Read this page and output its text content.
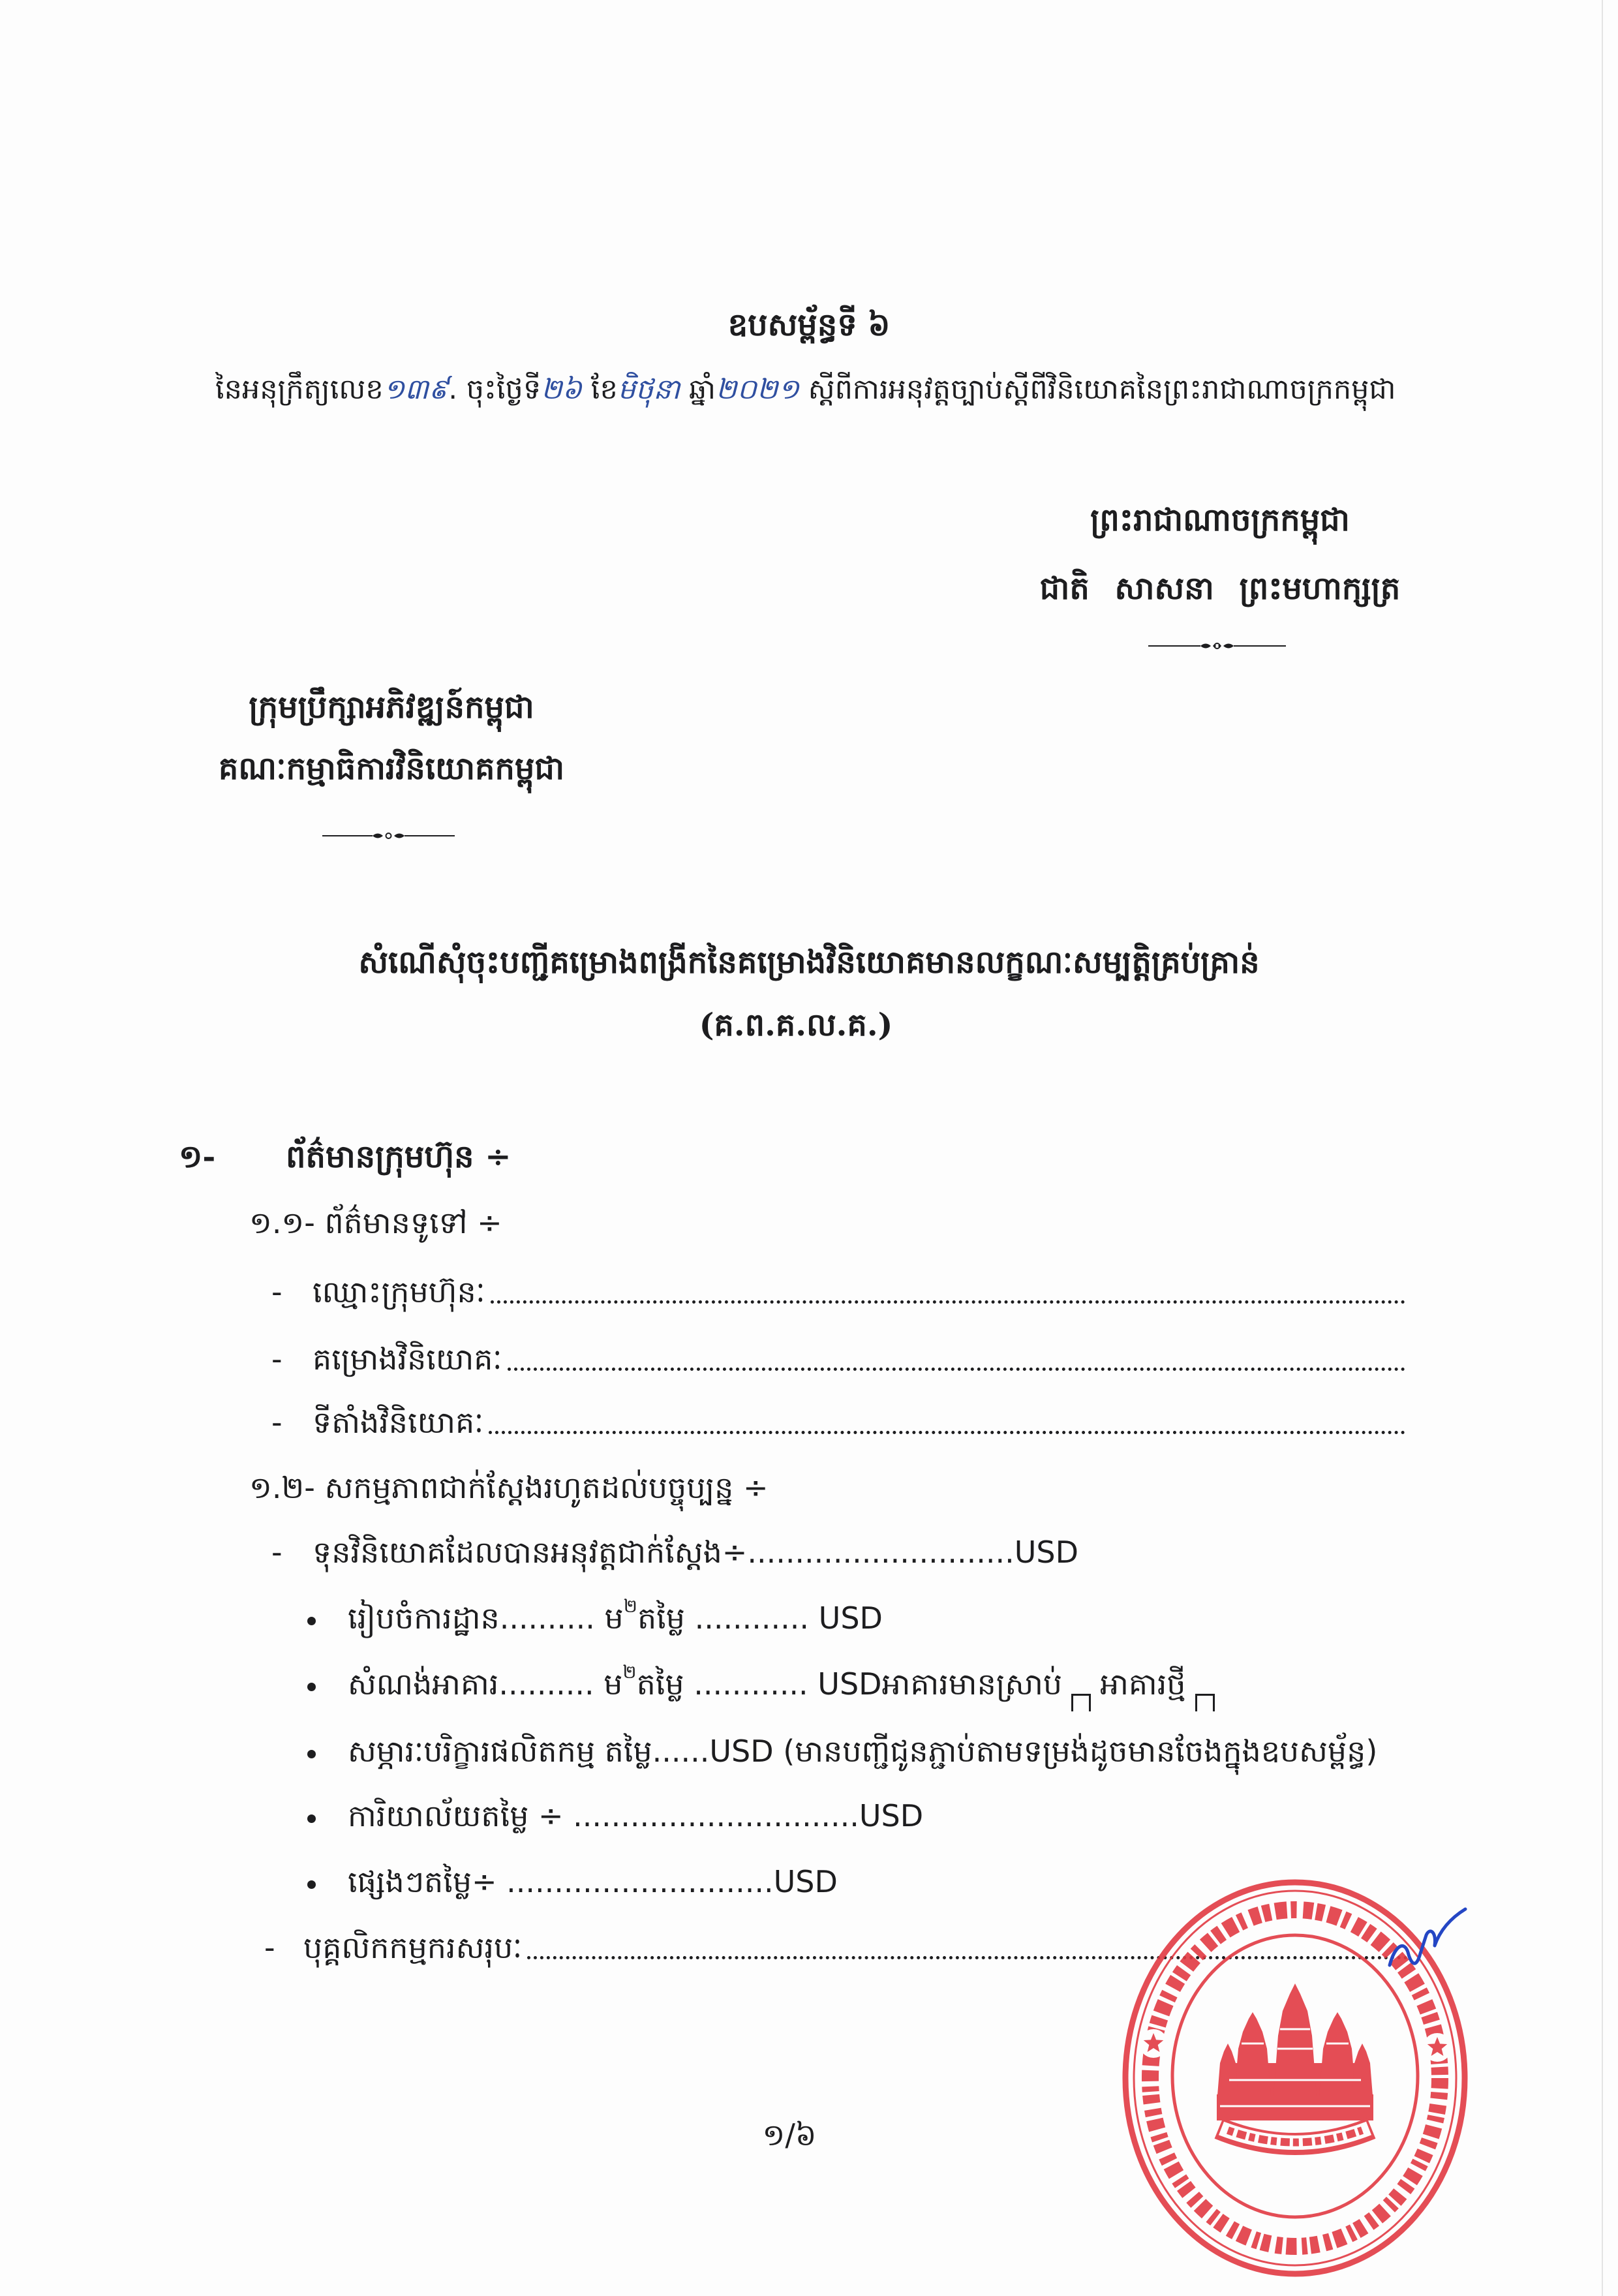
ឧបសម្ព័ន្ធទី ៦
នៃអនុក្រឹត្យលេខ១៣៩. ចុះថ្ងៃទី២៦ ខែមិថុនា ឆ្នាំ២០២១ ស្តីពីការអនុវត្តច្បាប់ស្តីពីវិនិយោគនៃព្រះរាជាណាចក្រកម្ពុជា
ព្រះរាជាណាចក្រកម្ពុជា
ជាតិ សាសនា ព្រះមហាក្សត្រ
ក្រុមប្រឹក្សាអភិវឌ្ឍន៍កម្ពុជា
គណៈកម្មាធិការវិនិយោគកម្ពុជា
សំណើសុំចុះបញ្ជីគម្រោងពង្រីកនៃគម្រោងវិនិយោគមានលក្ខណៈសម្បត្តិគ្រប់គ្រាន់
(គ.ព.គ.ល.គ.)
១-	ព័ត៌មានក្រុមហ៊ុន ÷
១.១- ព័ត៌មានទូទៅ ÷
-	ឈ្មោះក្រុមហ៊ុនៈ
-	គម្រោងវិនិយោគៈ
-	ទីតាំងវិនិយោគៈ
១.២- សកម្មភាពជាក់ស្តែងរហូតដល់បច្ចុប្បន្ន ÷
-	ទុនវិនិយោគដែលបានអនុវត្តជាក់ស្តែង÷............................USD
រៀបចំការដ្ឋាន.......... ម ២ តម្លៃ ............ USD
សំណង់អាគារ.......... ម ២ តម្លៃ ............ USD អាគារមានស្រាប់ អាគារថ្មី
សម្ភារៈបរិក្ខារផលិតកម្ម តម្លៃ......USD (មានបញ្ជីជូនភ្ជាប់តាមទម្រង់ដូចមានចែងក្នុងឧបសម្ព័ន្ធ)
ការិយាល័យតម្លៃ ÷ ..............................USD
ផ្សេងៗតម្លៃ÷ ............................USD
- បុគ្គលិកកម្មករសរុបៈ
១/៦
